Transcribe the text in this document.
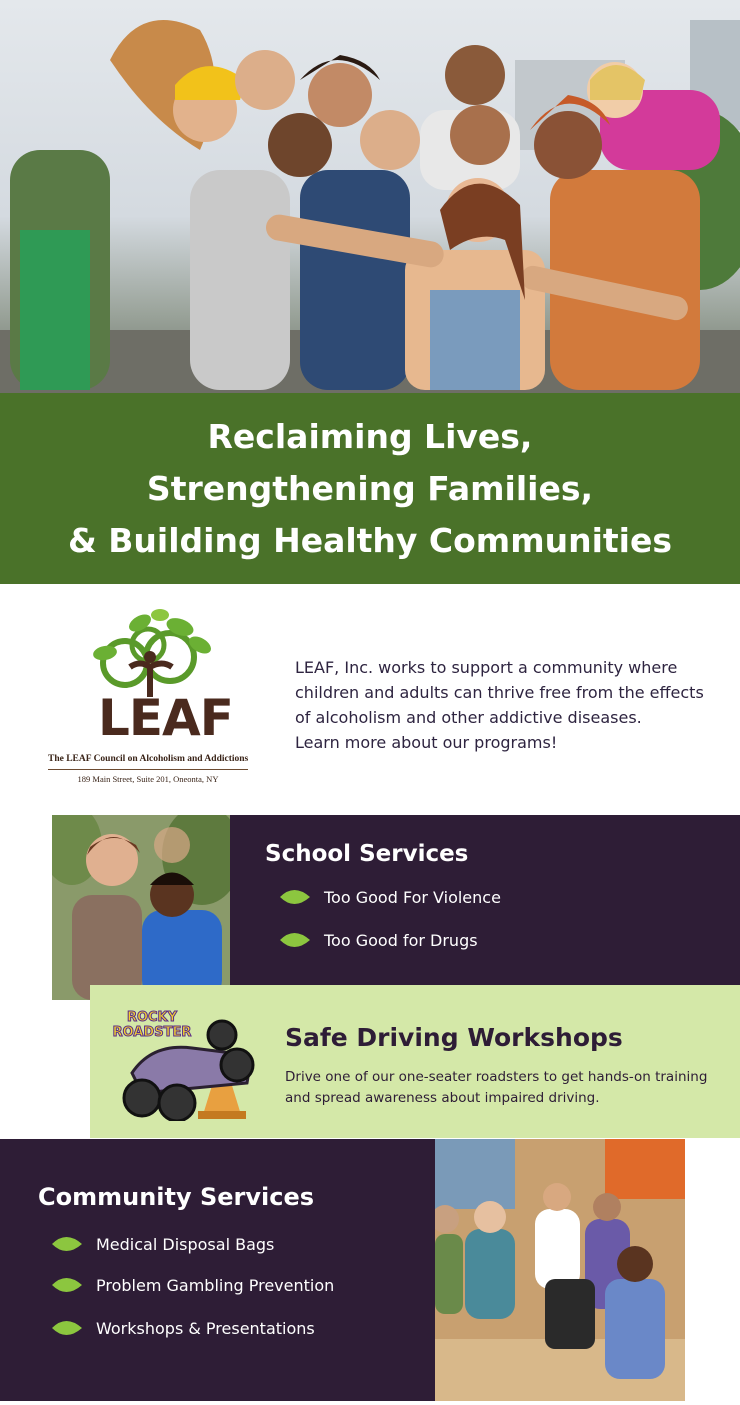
Reclaiming Lives,
Strengthening Families,
& Building Healthy Communities
LEAF
The LEAF Council on Alcoholism and Addictions
189 Main Street, Suite 201, Oneonta, NY
LEAF, Inc. works to support a community where children and adults can thrive free from the effects of alcoholism and other addictive diseases.
Learn more about our programs!
School Services
Too Good For Violence
Too Good for Drugs
ROCKY
ROADSTER	Safe Driving Workshops
Drive one of our one-seater roadsters to get hands-on training and spread awareness about impaired driving.
Community Services
Medical Disposal Bags
Problem Gambling Prevention
Workshops & Presentations
